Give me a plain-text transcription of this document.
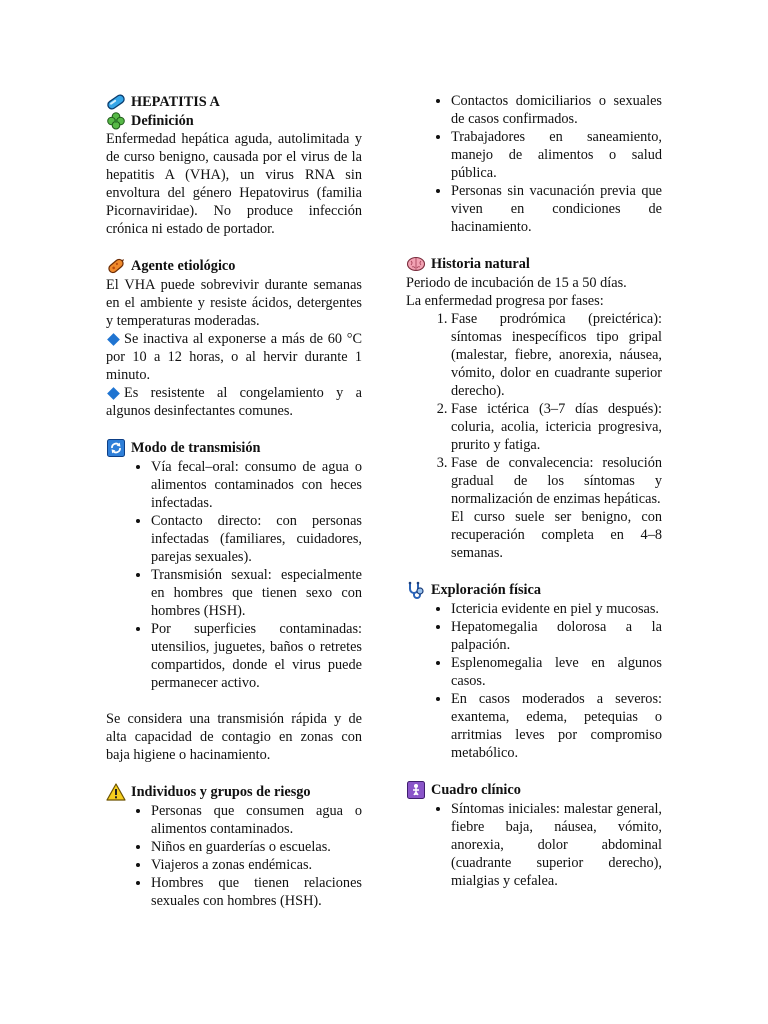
HEPATITIS A
Definición
Enfermedad hepática aguda, autolimitada y de curso benigno, causada por el virus de la hepatitis A (VHA), un virus RNA sin envoltura del género Hepatovirus (familia Picornaviridae). No produce infección crónica ni estado de portador.
Agente etiológico
El VHA puede sobrevivir durante semanas en el ambiente y resiste ácidos, detergentes y temperaturas moderadas.
Se inactiva al exponerse a más de 60 °C por 10 a 12 horas, o al hervir durante 1 minuto.
Es resistente al congelamiento y a algunos desinfectantes comunes.
Modo de transmisión
• Vía fecal–oral: consumo de agua o alimentos contaminados con heces infectadas.
• Contacto directo: con personas infectadas (familiares, cuidadores, parejas sexuales).
• Transmisión sexual: especialmente en hombres que tienen sexo con hombres (HSH).
• Por superficies contaminadas: utensilios, juguetes, baños o retretes compartidos, donde el virus puede permanecer activo.
Se considera una transmisión rápida y de alta capacidad de contagio en zonas con baja higiene o hacinamiento.
Individuos y grupos de riesgo
• Personas que consumen agua o alimentos contaminados.
• Niños en guarderías o escuelas.
• Viajeros a zonas endémicas.
• Hombres que tienen relaciones sexuales con hombres (HSH).
• Contactos domiciliarios o sexuales de casos confirmados.
• Trabajadores en saneamiento, manejo de alimentos o salud pública.
• Personas sin vacunación previa que viven en condiciones de hacinamiento.
Historia natural
Periodo de incubación de 15 a 50 días.
La enfermedad progresa por fases:
1. Fase prodrómica (preictérica): síntomas inespecíficos tipo gripal (malestar, fiebre, anorexia, náusea, vómito, dolor en cuadrante superior derecho).
2. Fase ictérica (3–7 días después): coluria, acolia, ictericia progresiva, prurito y fatiga.
3. Fase de convalecencia: resolución gradual de los síntomas y normalización de enzimas hepáticas.
El curso suele ser benigno, con recuperación completa en 4–8 semanas.
Exploración física
• Ictericia evidente en piel y mucosas.
• Hepatomegalia dolorosa a la palpación.
• Esplenomegalia leve en algunos casos.
• En casos moderados a severos: exantema, edema, petequias o arritmias leves por compromiso metabólico.
Cuadro clínico
• Síntomas iniciales: malestar general, fiebre baja, náusea, vómito, anorexia, dolor abdominal (cuadrante superior derecho), mialgias y cefalea.
